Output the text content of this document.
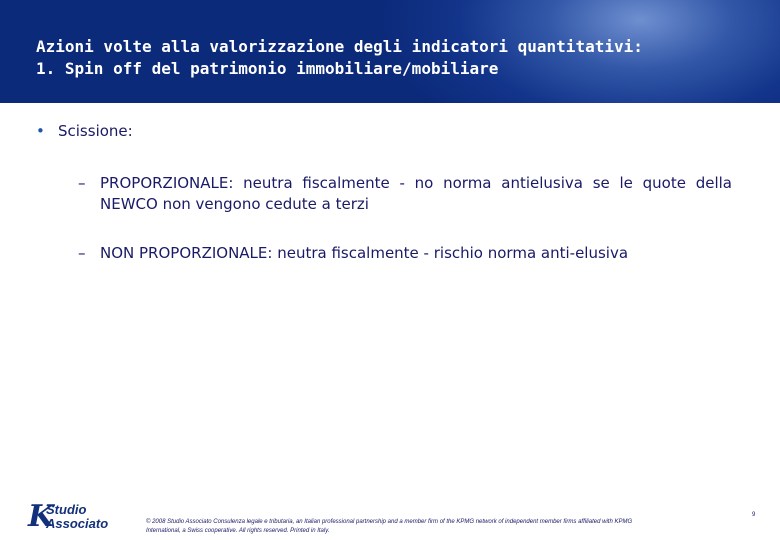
Azioni volte alla valorizzazione degli indicatori quantitativi:
1. Spin off del patrimonio immobiliare/mobiliare
• Scissione:
– PROPORZIONALE: neutra fiscalmente - no norma antielusiva se le quote della NEWCO non vengono cedute a terzi
– NON PROPORZIONALE: neutra fiscalmente - rischio norma anti-elusiva
K
Studio
Associato	© 2008 Studio Associato Consulenza legale e tributaria, an Italian professional partnership and a member firm of the KPMG network of independent member firms affiliated with KPMG International, a Swiss cooperative. All rights reserved. Printed in Italy.
9
